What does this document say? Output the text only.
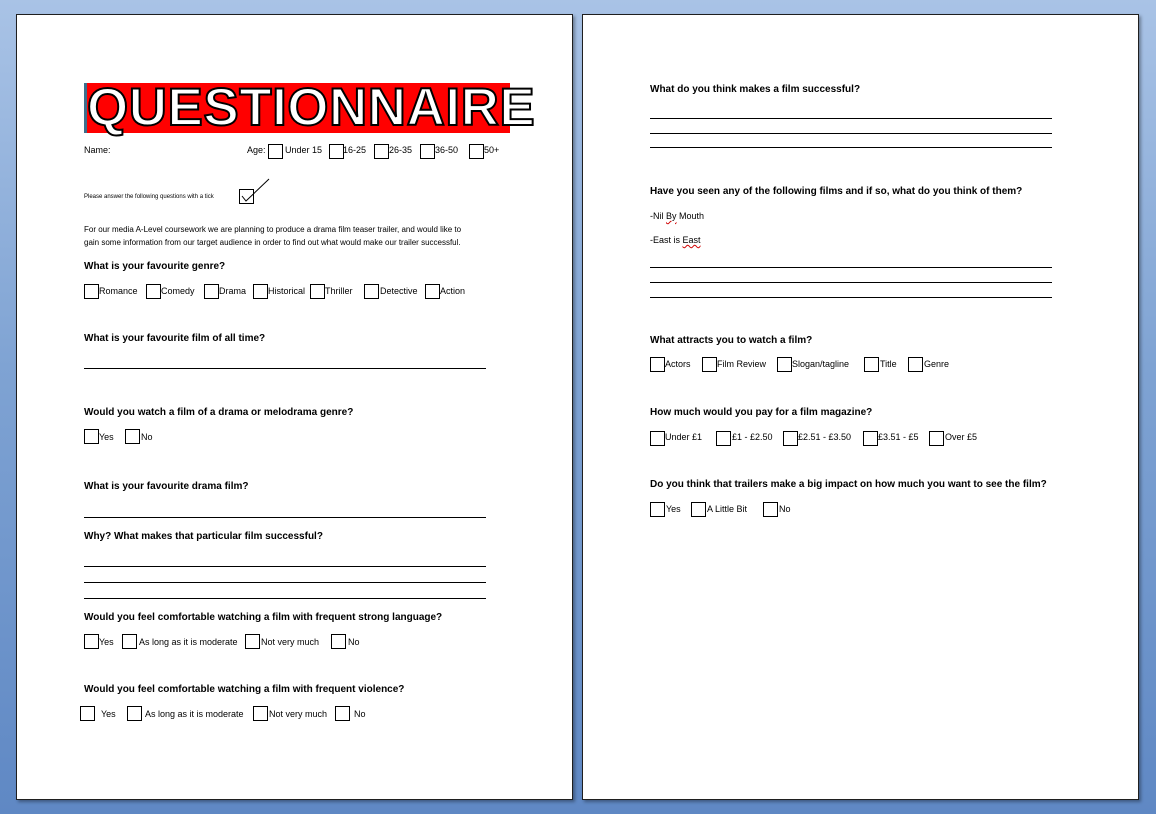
QUESTIONNAIRE
Name:	Age: Under 15 16-25	26-35	36-50	50+
Please answer the following questions with a tick
For our media A-Level coursework we are planning to produce a drama film teaser trailer, and would like to
gain some information from our target audience in order to find out what would make our trailer successful.
What is your favourite genre?
Romance	Comedy	Drama Historical Thriller	Detective Action
What is your favourite film of all time?
Would you watch a film of a drama or melodrama genre?
Yes	No
What is your favourite drama film?
Why? What makes that particular film successful?
Would you feel comfortable watching a film with frequent strong language?
Yes	As long as it is moderate	Not very much	No
Would you feel comfortable watching a film with frequent violence?
Yes	As long as it is moderate	Not very much	No
What do you think makes a film successful?
Have you seen any of the following films and if so, what do you think of them?
-Nil By Mouth
-East is East
What attracts you to watch a film?
Actors	Film Review	Slogan/tagline	Title	Genre
How much would you pay for a film magazine?
Under £1	£1 - £2.50	£2.51 - £3.50	£3.51 - £5	Over £5
Do you think that trailers make a big impact on how much you want to see the film?
Yes	A Little Bit	No
